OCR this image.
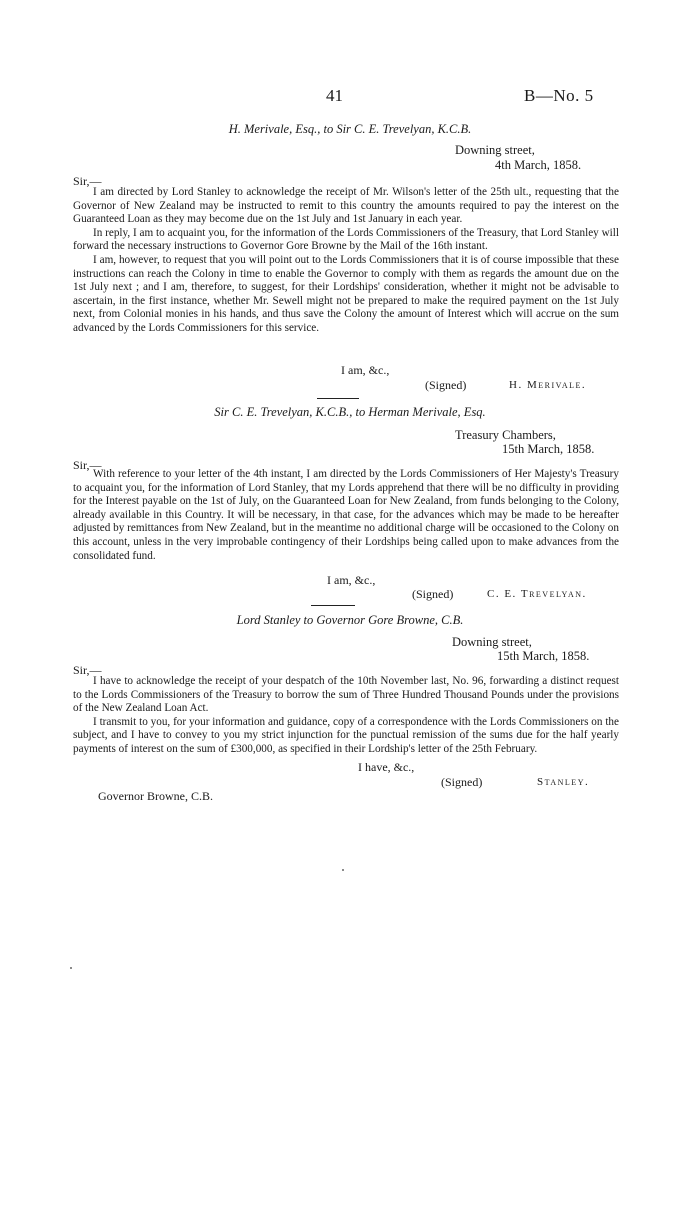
41	B—No. 5
H. Merivale, Esq., to Sir C. E. Trevelyan, K.C.B.
Downing street,
4th March, 1858.
Sir,—

I am directed by Lord Stanley to acknowledge the receipt of Mr. Wilson's letter of the 25th ult., requesting that the Governor of New Zealand may be instructed to remit to this country the amounts required to pay the interest on the Guaranteed Loan as they may become due on the 1st July and 1st January in each year.

In reply, I am to acquaint you, for the information of the Lords Commissioners of the Treasury, that Lord Stanley will forward the necessary instructions to Governor Gore Browne by the Mail of the 16th instant.

I am, however, to request that you will point out to the Lords Commissioners that it is of course impossible that these instructions can reach the Colony in time to enable the Governor to comply with them as regards the amount due on the 1st July next ; and I am, therefore, to suggest, for their Lordships' consideration, whether it might not be advisable to ascertain, in the first instance, whether Mr. Sewell might not be prepared to make the required payment on the 1st July next, from Colonial monies in his hands, and thus save the Colony the amount of Interest which will accrue on the sum advanced by the Lords Commissioners for this service.

I am, &c.,
(Signed)	H. Merivale.
Sir C. E. Trevelyan, K.C.B., to Herman Merivale, Esq.
Treasury Chambers,
15th March, 1858.
Sir,—

With reference to your letter of the 4th instant, I am directed by the Lords Commissioners of Her Majesty's Treasury to acquaint you, for the information of Lord Stanley, that my Lords apprehend that there will be no difficulty in providing for the Interest payable on the 1st of July, on the Guaranteed Loan for New Zealand, from funds belonging to the Colony, already available in this Country. It will be necessary, in that case, for the advances which may be made to be hereafter adjusted by remittances from New Zealand, but in the meantime no additional charge will be occasioned to the Colony on this account, unless in the very improbable contingency of their Lordships being called upon to make advances from the consolidated fund.

I am, &c.,
(Signed)	C. E. Trevelyan.
Lord Stanley to Governor Gore Browne, C.B.
Downing street,
15th March, 1858.
Sir,—

I have to acknowledge the receipt of your despatch of the 10th November last, No. 96, forwarding a distinct request to the Lords Commissioners of the Treasury to borrow the sum of Three Hundred Thousand Pounds under the provisions of the New Zealand Loan Act.

I transmit to you, for your information and guidance, copy of a correspondence with the Lords Commissioners on the subject, and I have to convey to you my strict injunction for the punctual remission of the sums due for the half yearly payments of interest on the sum of £300,000, as specified in their Lordship's letter of the 25th February.

I have, &c.,
(Signed)	Stanley.
Governor Browne, C.B.
